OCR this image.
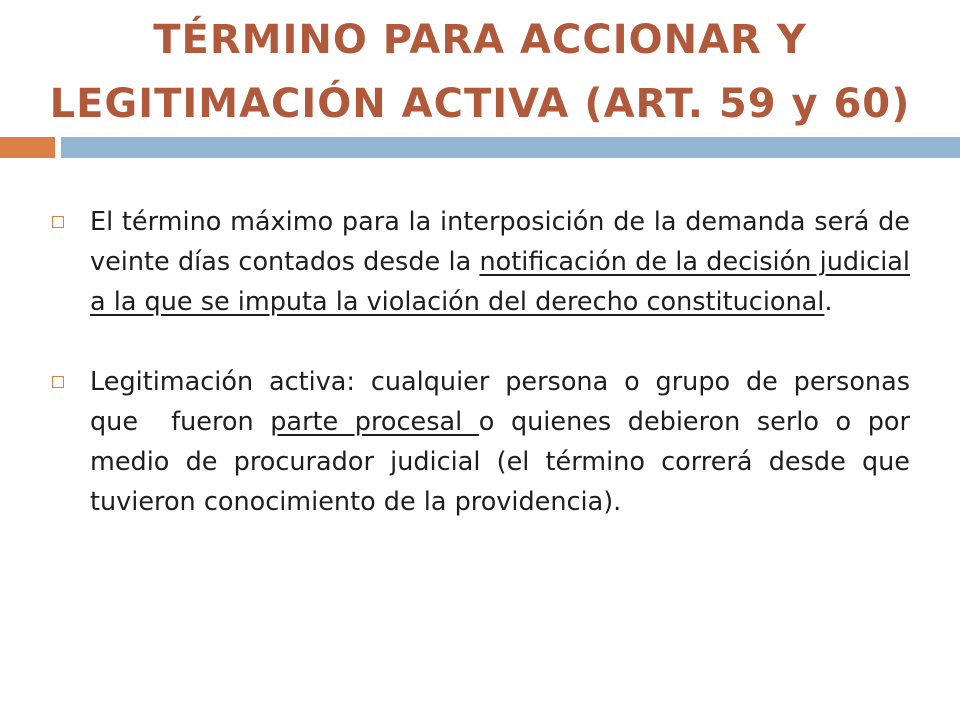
TÉRMINO PARA ACCIONAR Y
LEGITIMACIÓN ACTIVA (ART. 59 y 60)
El término máximo para la interposición de la demanda será de veinte días contados desde la notificación de la decisión judicial a la que se imputa la violación del derecho constitucional.
Legitimación activa: cualquier persona o grupo de personas que  fueron parte procesal o quienes debieron serlo o por medio de procurador judicial (el término correrá desde que tuvieron conocimiento de la providencia).
